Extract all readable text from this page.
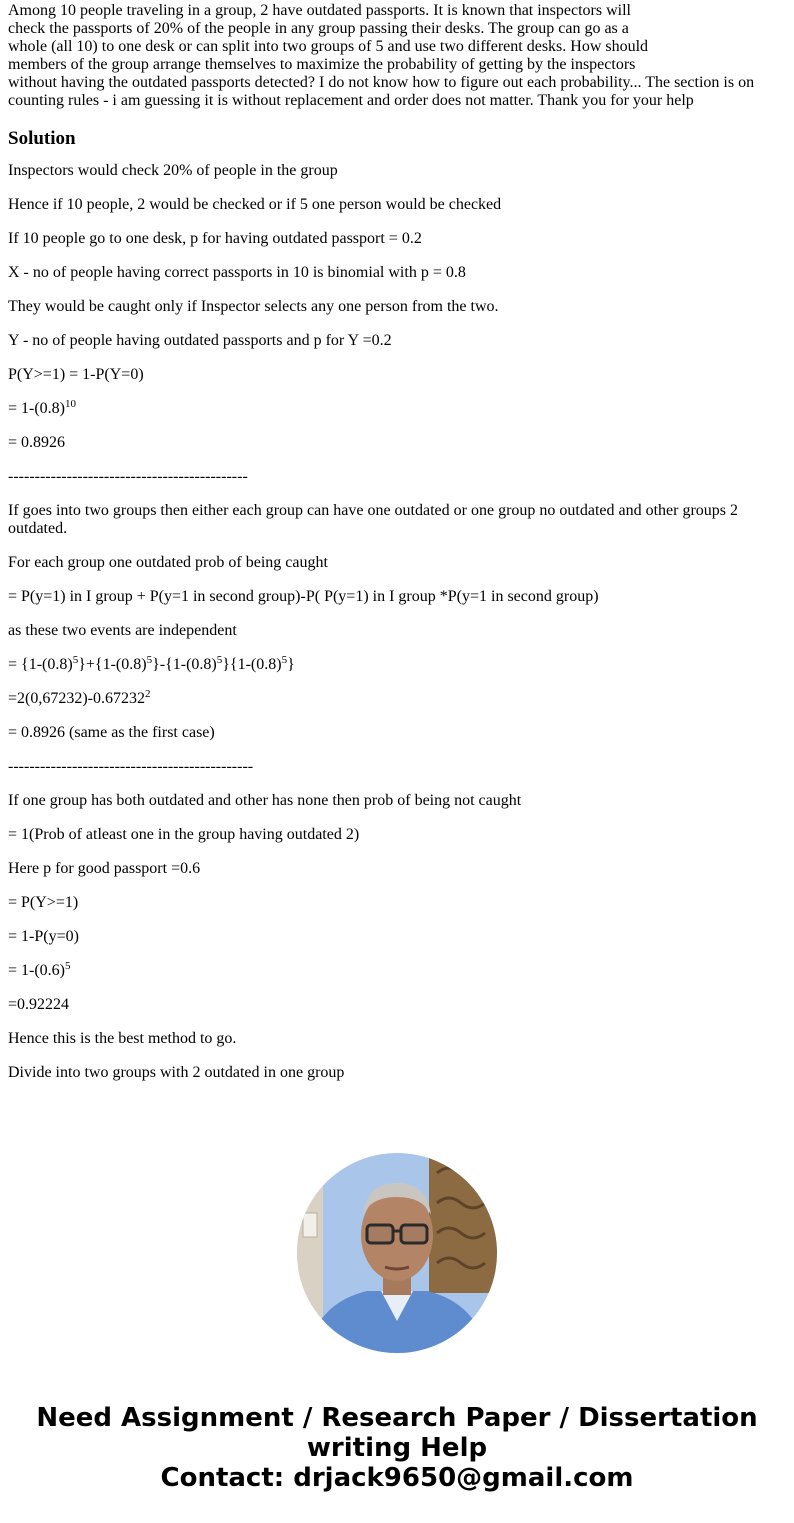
Among 10 people traveling in a group, 2 have outdated passports. It is known that inspectors will
check the passports of 20% of the people in any group passing their desks. The group can go as a
whole (all 10) to one desk or can split into two groups of 5 and use two different desks. How should
members of the group arrange themselves to maximize the probability of getting by the inspectors
without having the outdated passports detected? I do not know how to figure out each probability... The section is on
counting rules - i am guessing it is without replacement and order does not matter. Thank you for your help

Solution

Inspectors would check 20% of people in the group

Hence if 10 people, 2 would be checked or if 5 one person would be checked

If 10 people go to one desk, p for having outdated passport = 0.2

X - no of people having correct passports in 10 is binomial with p = 0.8

They would be caught only if Inspector selects any one person from the two.

Y - no of people having outdated passports and p for Y =0.2

P(Y>=1) = 1-P(Y=0)

= $1-(0.8)^{10}$

= 0.8926

---------------------------------------------

If goes into two groups then either each group can have one outdated or one group no outdated and other groups 2 outdated.

For each group one outdated prob of being caught

= P(y=1) in I group + P(y=1 in second group)-P( P(y=1) in I group *P(y=1 in second group)

as these two events are independent

= $\{1-(0.8)^5\}+\{1-(0.8)^5\}-\{1-(0.8)^5\}\{1-(0.8)^5\}$

$=2(0,67232)-0.67232^2$

= 0.8926 (same as the first case)

----------------------------------------------

If one group has both outdated and other has none then prob of being not caught

= 1(Prob of atleast one in the group having outdated 2)

Here p for good passport =0.6

= P(Y>=1)

= 1-P(y=0)

= $1-(0.6)^5$

=0.92224

Hence this is the best method to go.

Divide into two groups with 2 outdated in one group

Need Assignment / Research Paper / Dissertation
writing Help
Contact: drjack9650@gmail.com
